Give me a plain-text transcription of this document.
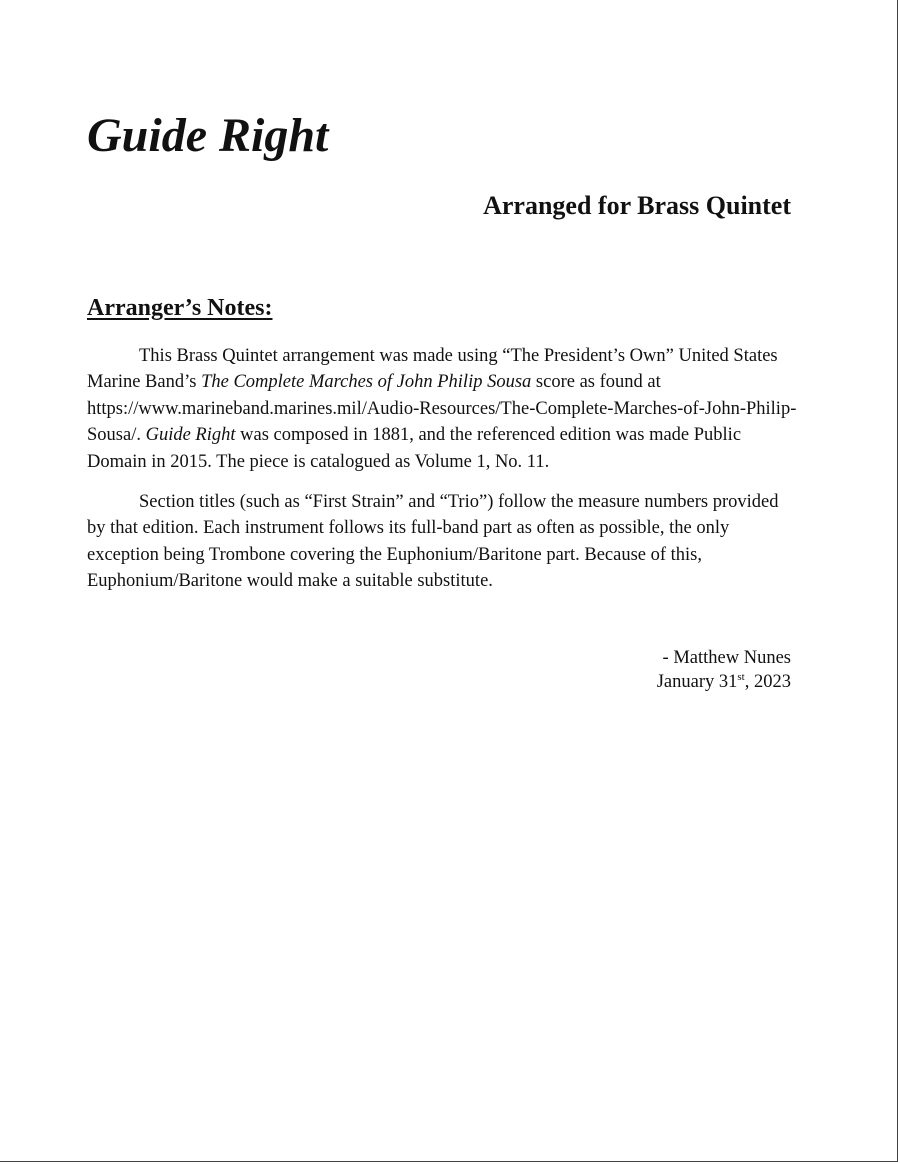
Guide Right
Arranged for Brass Quintet
Arranger’s Notes:

This Brass Quintet arrangement was made using “The President’s Own” United States Marine Band’s The Complete Marches of John Philip Sousa score as found at https://www.marineband.marines.mil/Audio-Resources/The-Complete-Marches-of-John-Philip-Sousa/. Guide Right was composed in 1881, and the referenced edition was made Public Domain in 2015. The piece is catalogued as Volume 1, No. 11.

Section titles (such as “First Strain” and “Trio”) follow the measure numbers provided by that edition. Each instrument follows its full-band part as often as possible, the only exception being Trombone covering the Euphonium/Baritone part. Because of this, Euphonium/Baritone would make a suitable substitute.

- Matthew Nunes
January 31st, 2023
